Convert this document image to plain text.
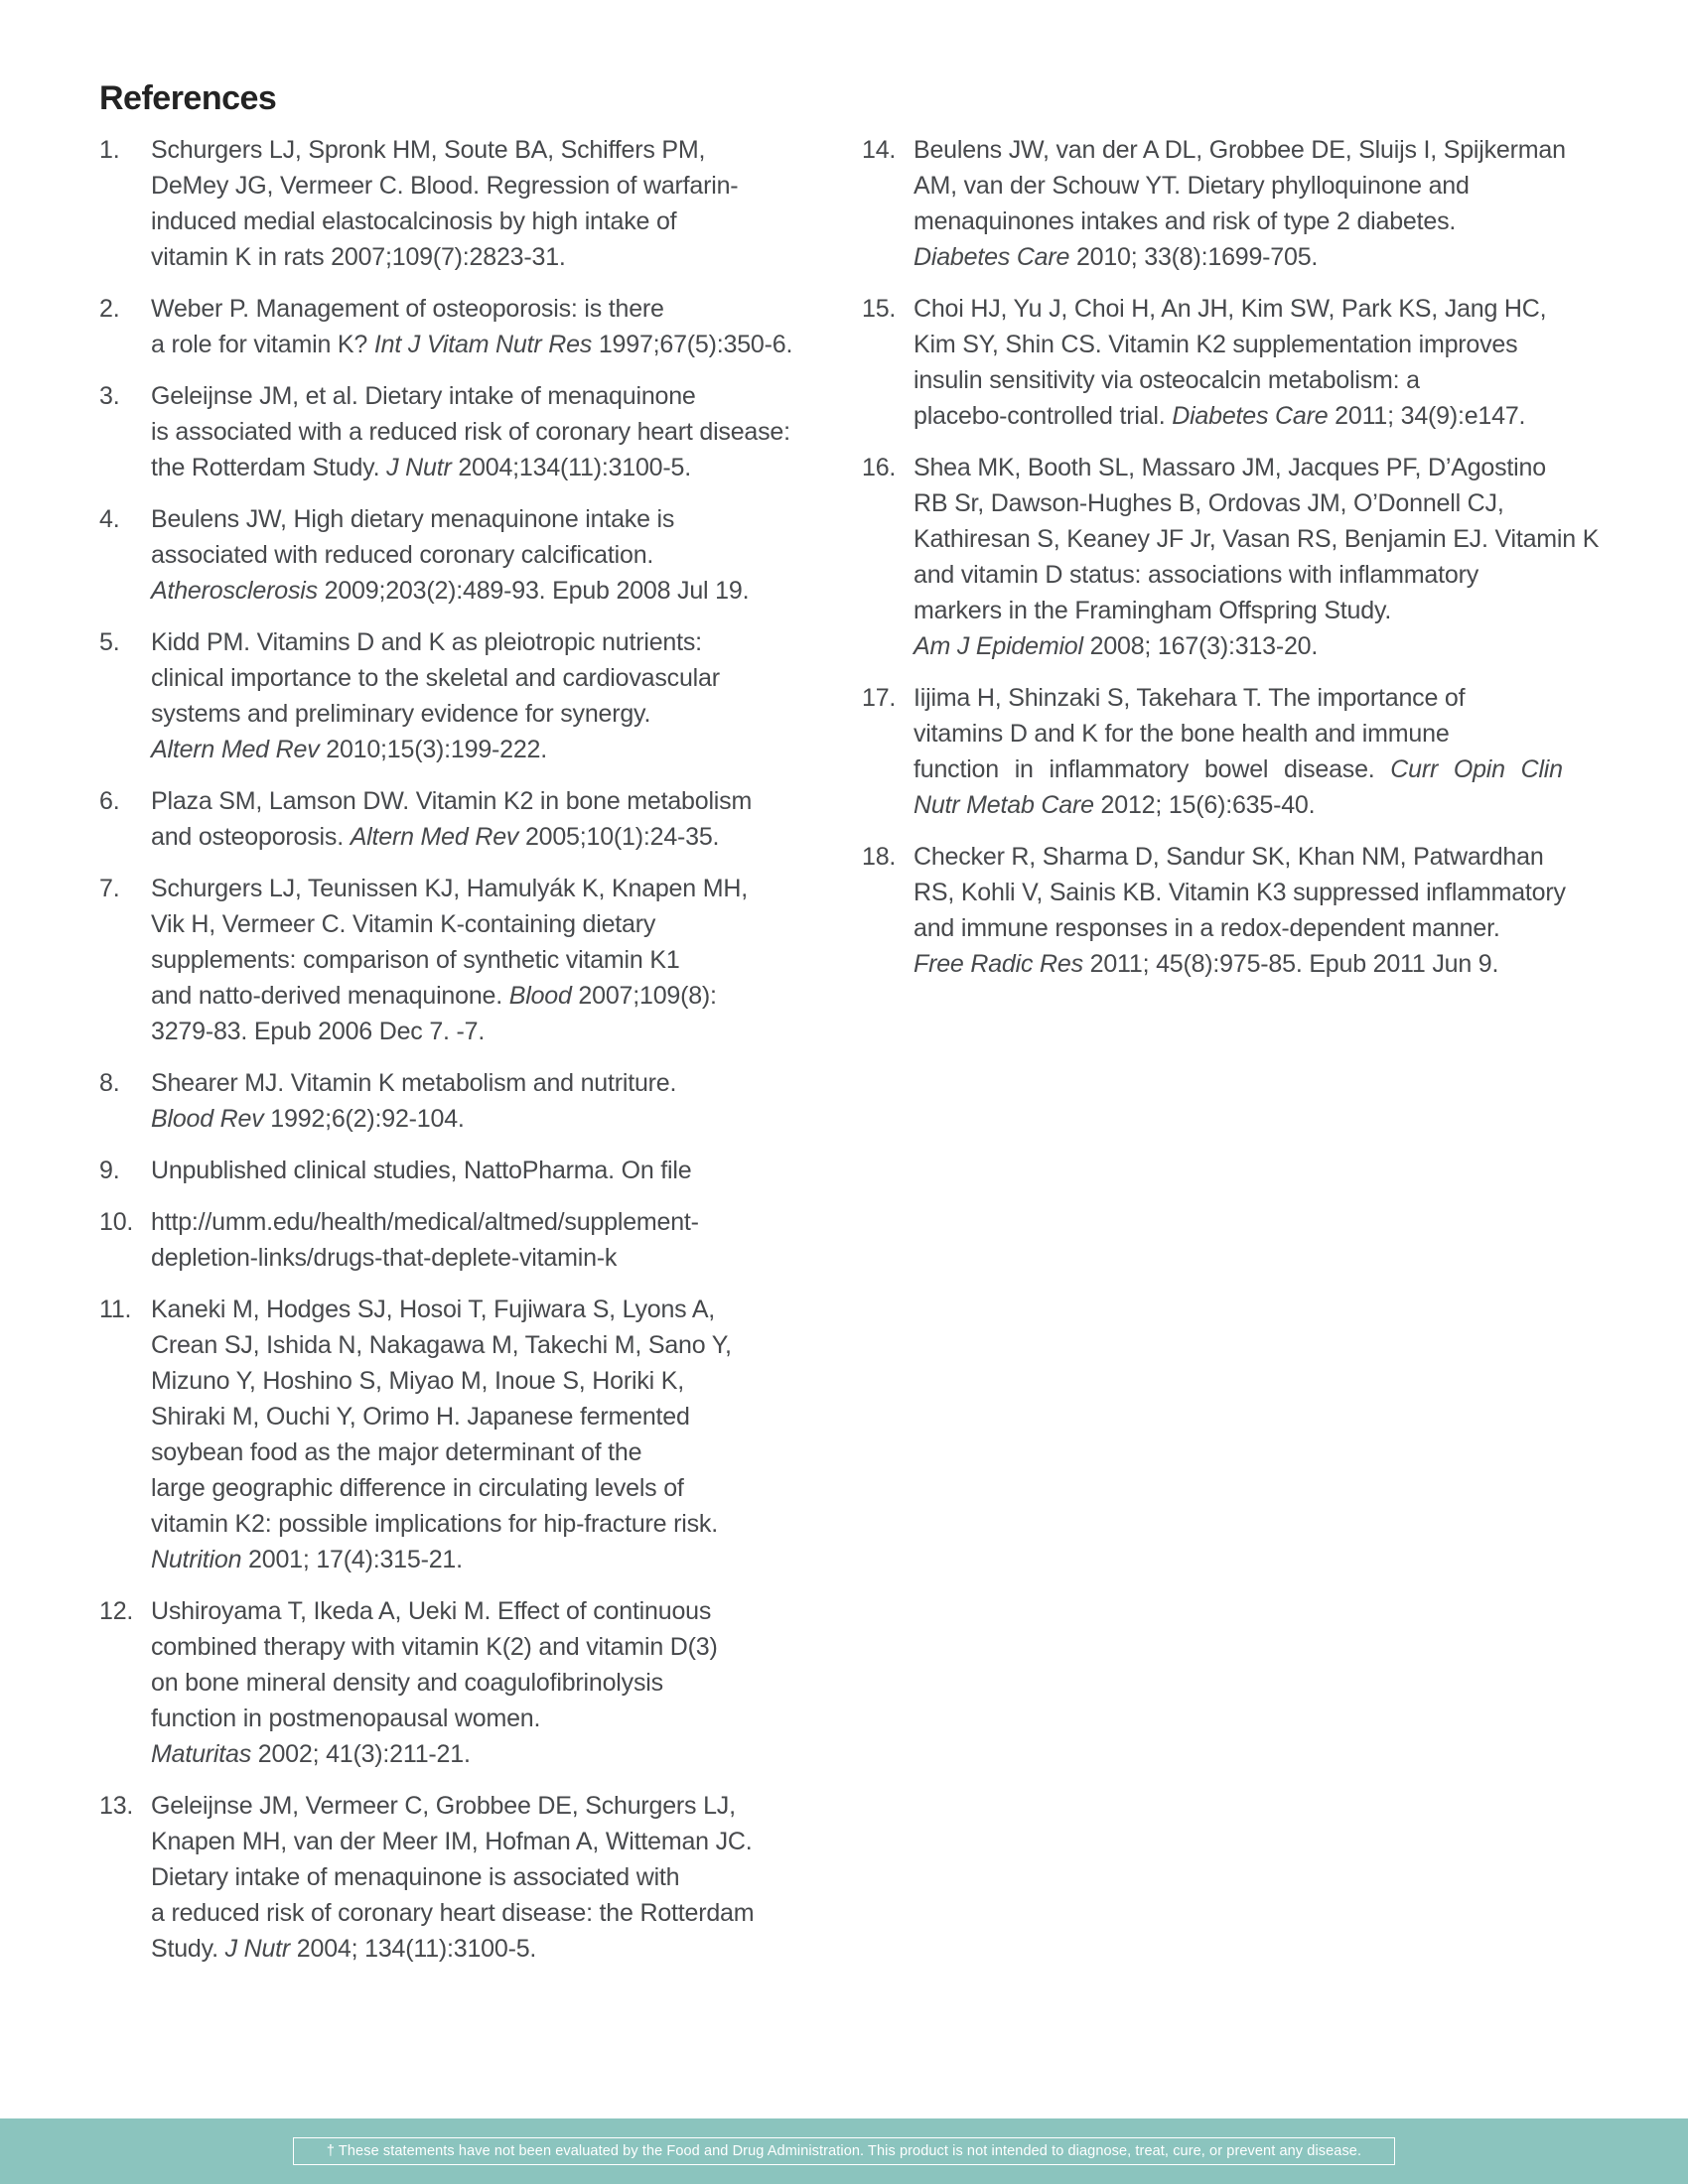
References
1.	Schurgers LJ, Spronk HM, Soute BA, Schiffers PM,
DeMey JG, Vermeer C. Blood. Regression of warfarin-
induced medial elastocalcinosis by high intake of
vitamin K in rats 2007;109(7):2823-31.
2.	Weber P. Management of osteoporosis: is there
a role for vitamin K? Int J Vitam Nutr Res 1997;67(5):350-6.
3.	Geleijnse JM, et al. Dietary intake of menaquinone
is associated with a reduced risk of coronary heart disease:
the Rotterdam Study. J Nutr 2004;134(11):3100-5.
4.	Beulens JW, High dietary menaquinone intake is
associated with reduced coronary calcification.
Atherosclerosis 2009;203(2):489-93. Epub 2008 Jul 19.
5.	Kidd PM. Vitamins D and K as pleiotropic nutrients:
clinical importance to the skeletal and cardiovascular
systems and preliminary evidence for synergy.
Altern Med Rev 2010;15(3):199-222.
6.	Plaza SM, Lamson DW. Vitamin K2 in bone metabolism
and osteoporosis. Altern Med Rev 2005;10(1):24-35.
7.	Schurgers LJ, Teunissen KJ, Hamulyák K, Knapen MH,
Vik H, Vermeer C. Vitamin K-containing dietary
supplements: comparison of synthetic vitamin K1
and natto-derived menaquinone. Blood 2007;109(8):
3279-83. Epub 2006 Dec 7. -7.
8.	Shearer MJ. Vitamin K metabolism and nutriture.
Blood Rev 1992;6(2):92-104.
9.	Unpublished clinical studies, NattoPharma. On file
10. http://umm.edu/health/medical/altmed/supplement-
depletion-links/drugs-that-deplete-vitamin-k
11. Kaneki M, Hodges SJ, Hosoi T, Fujiwara S, Lyons A,
Crean SJ, Ishida N, Nakagawa M, Takechi M, Sano Y,
Mizuno Y, Hoshino S, Miyao M, Inoue S, Horiki K,
Shiraki M, Ouchi Y, Orimo H. Japanese fermented
soybean food as the major determinant of the
large geographic difference in circulating levels of
vitamin K2: possible implications for hip-fracture risk.
Nutrition 2001; 17(4):315-21.
12. Ushiroyama T, Ikeda A, Ueki M. Effect of continuous
combined therapy with vitamin K(2) and vitamin D(3)
on bone mineral density and coagulofibrinolysis
function in postmenopausal women.
Maturitas 2002; 41(3):211-21.
13. Geleijnse JM, Vermeer C, Grobbee DE, Schurgers LJ,
Knapen MH, van der Meer IM, Hofman A, Witteman JC.
Dietary intake of menaquinone is associated with
a reduced risk of coronary heart disease: the Rotterdam
Study. J Nutr 2004; 134(11):3100-5.
14. Beulens JW, van der A DL, Grobbee DE, Sluijs I, Spijkerman
AM, van der Schouw YT. Dietary phylloquinone and
menaquinones intakes and risk of type 2 diabetes.
Diabetes Care 2010; 33(8):1699-705.
15. Choi HJ, Yu J, Choi H, An JH, Kim SW, Park KS, Jang HC,
Kim SY, Shin CS. Vitamin K2 supplementation improves
insulin sensitivity via osteocalcin metabolism: a
placebo-controlled trial. Diabetes Care 2011; 34(9):e147.
16. Shea MK, Booth SL, Massaro JM, Jacques PF, D’Agostino
RB Sr, Dawson-Hughes B, Ordovas JM, O’Donnell CJ,
Kathiresan S, Keaney JF Jr, Vasan RS, Benjamin EJ. Vitamin K
and vitamin D status: associations with inflammatory
markers in the Framingham Offspring Study.
Am J Epidemiol 2008; 167(3):313-20.
17. Iijima H, Shinzaki S, Takehara T. The importance of
vitamins D and K for the bone health and immune
function in inflammatory bowel disease. Curr Opin Clin
Nutr Metab Care 2012; 15(6):635-40.
18. Checker R, Sharma D, Sandur SK, Khan NM, Patwardhan
RS, Kohli V, Sainis KB. Vitamin K3 suppressed inflammatory
and immune responses in a redox-dependent manner.
Free Radic Res 2011; 45(8):975-85. Epub 2011 Jun 9.
† These statements have not been evaluated by the Food and Drug Administration. This product is not intended to diagnose, treat, cure, or prevent any disease.
